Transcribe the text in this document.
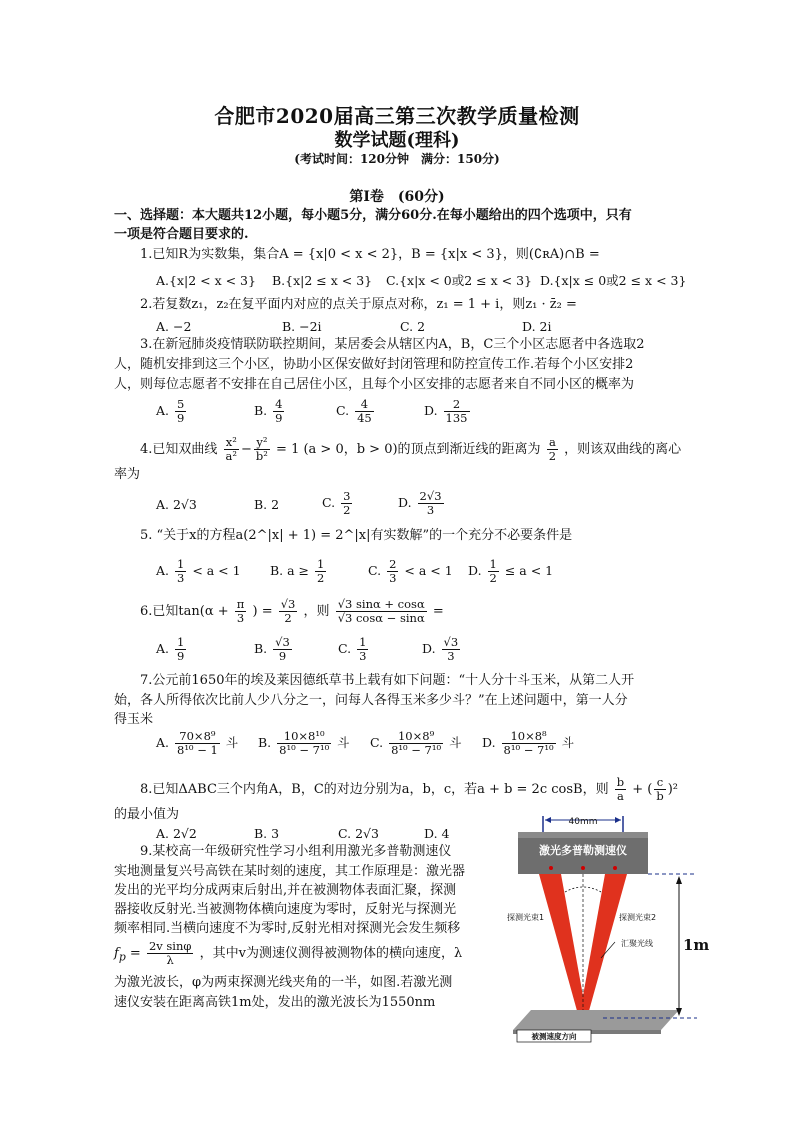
合肥市2020届高三第三次教学质量检测
数学试题(理科)
(考试时间：120分钟　满分：150分)
第Ⅰ卷　(60分)
一、选择题：本大题共12小题，每小题5分，满分60分.在每小题给出的四个选项中，只有
一项是符合题目要求的.
1.已知R为实数集，集合A = {x|0 < x < 2}，B = {x|x < 3}，则(∁ʀA)∩B =
A.{x|2 < x < 3} B.{x|2 ≤ x < 3} C.{x|x < 0或2 ≤ x < 3} D.{x|x ≤ 0或2 ≤ x < 3}
2.若复数z₁，z₂在复平面内对应的点关于原点对称，z₁ = 1 + i，则z₁ · z̄₂ =
A. −2	B. −2i	C. 2	D. 2i
3.在新冠肺炎疫情联防联控期间，某居委会从辖区内A，B，C三个小区志愿者中各选取2
人，随机安排到这三个小区，协助小区保安做好封闭管理和防控宣传工作.若每个小区安排2
人，则每位志愿者不安排在自己居住小区，且每个小区安排的志愿者来自不同小区的概率为
A. $\frac{5}{9}$	B. $\frac{4}{9}$	C. $\frac{4}{45}$	D. $\frac{2}{135}$
4.已知双曲线 $\frac{\text{x²}}{\text{a²}} - \frac{\text{y²}}{\text{b²}} = 1$ (a > 0，b > 0)的顶点到渐近线的距离为 $\frac{a}{2}$ ，则该双曲线的离心
率为
A. 2√3	B. 2	C. $\frac{3}{2}$	D. $\frac{2√3}{3}$
5. “关于x的方程a(2^|x| + 1) = 2^|x|有实数解”的一个充分不必要条件是
A. $\frac{1}{3} < a < 1$ B. $a \ge \frac{1}{2}$	C. $\frac{2}{3} < a < 1$ D. $\frac{1}{2} \le a < 1$
6.已知$\tan(\alpha + \frac{\pi}{3}$ ) = $\frac{√3}{2}$ ，则 $\frac{√3 \sin\alpha + \cos\alpha}{√3 \cos\alpha - \sin\alpha}$ =
A. $\frac{1}{9}$	B. $\frac{√3}{9}$	C. $\frac{1}{3}$	D. $\frac{√3}{3}$
7.公元前1650年的埃及莱因德纸草书上载有如下问题：“十人分十斗玉米，从第二人开
始，各人所得依次比前人少八分之一，问每人各得玉米多少斗？”在上述问题中，第一人分
得玉米
A. $\frac{\text{70×8⁹}}{\text{8¹⁰ − 1}}$ 斗 B. $\frac{\text{10×8¹⁰}}{\text{8¹⁰ − 7¹⁰}}$ 斗 C. $\frac{\text{10×8⁹}}{\text{8¹⁰ − 7¹⁰}}$ 斗 D. $\frac{\text{10×8⁸}}{\text{8¹⁰ − 7¹⁰}}$ 斗
8.已知ΔABC三个内角A，B，C的对边分别为a，b，c，若a + b = 2c cosB，则 $\frac{b}{a}$ + ( $\frac{c}{b} )^2$
的最小值为
A. 2√2	B. 3	C. 2√3	D. 4
9.某校高一年级研究性学习小组利用激光多普勒测速仪
实地测量复兴号高铁在某时刻的速度，其工作原理是：激光器
发出的光平均分成两束后射出,并在被测物体表面汇聚，探测
器接收反射光.当被测物体横向速度为零时，反射光与探测光
频率相同.当横向速度不为零时,反射光相对探测光会发生频移
$f_p = \frac{\text{2v sinφ}}{\lambda}$ ，其中v为测速仪测得被测物体的横向速度，λ
为激光波长，φ为两束探测光线夹角的一半，如图.若激光测
速仪安装在距离高铁1m处，发出的激光波长为1550nm
40mm
激光多普勒测速仪
探测光束1	探测光束2
汇聚光线 1m
被测速度方向
